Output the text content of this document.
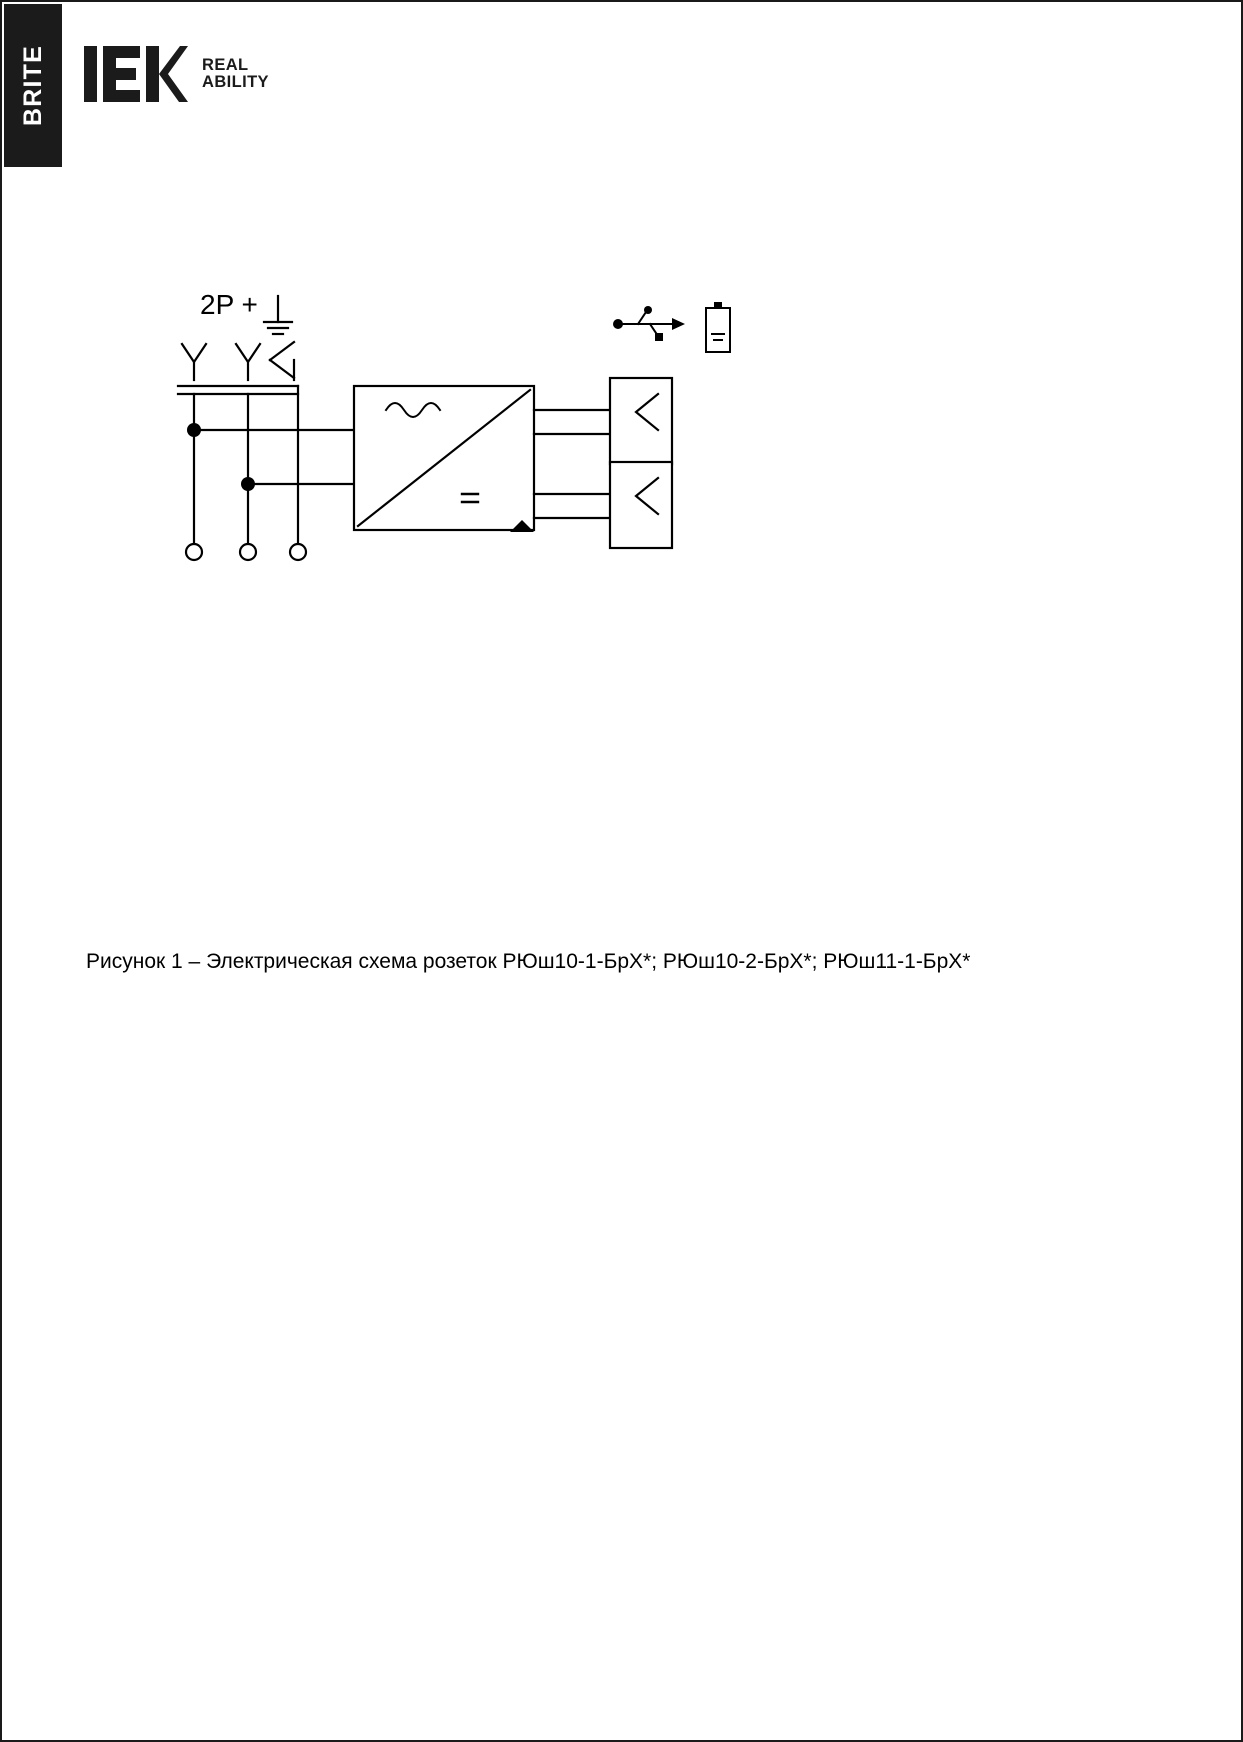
BRITE	REAL
ABILITY
2P +
Рисунок 1 – Электрическая схема розеток РЮш10-1-БрХ*; РЮш10-2-БрХ*; РЮш11-1-БрХ*
